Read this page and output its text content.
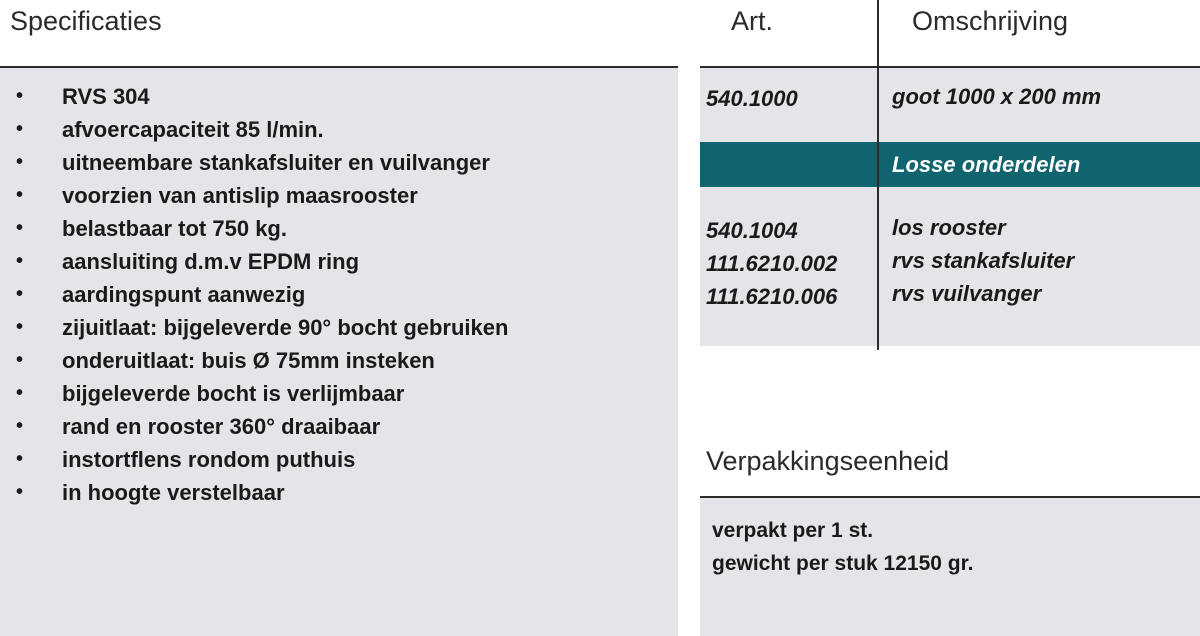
Specificaties
• RVS 304
• afvoercapaciteit 85 l/min.
• uitneembare stankafsluiter en vuilvanger
• voorzien van antislip maasrooster
• belastbaar tot 750 kg.
• aansluiting d.m.v EPDM ring
• aardingspunt aanwezig
• zijuitlaat: bijgeleverde 90° bocht gebruiken
• onderuitlaat: buis Ø 75mm insteken
• bijgeleverde bocht is verlijmbaar
• rand en rooster 360° draaibaar
• instortflens rondom puthuis
• in hoogte verstelbaar
Art.	Omschrijving
540.1000	goot 1000 x 200 mm
Losse onderdelen
540.1004
111.6210.002
111.6210.006
los rooster
rvs stankafsluiter
rvs vuilvanger
Verpakkingseenheid
verpakt per 1 st.
gewicht per stuk 12150 gr.
